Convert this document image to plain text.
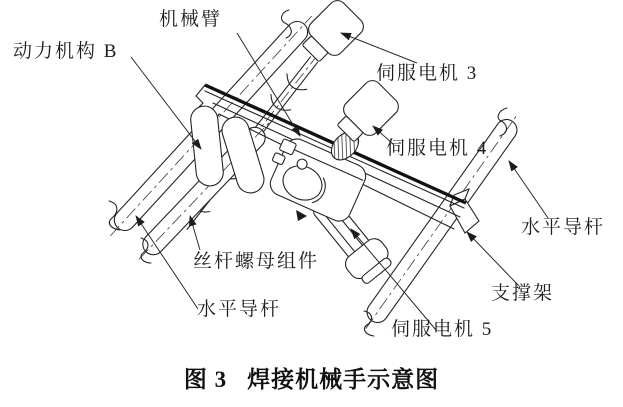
动力机构 B
机械臂
伺服电机 3
伺服电机 4
水平导杆
丝杆螺母组件
水平导杆
支撑架
伺服电机 5
图 3 焊接机械手示意图
